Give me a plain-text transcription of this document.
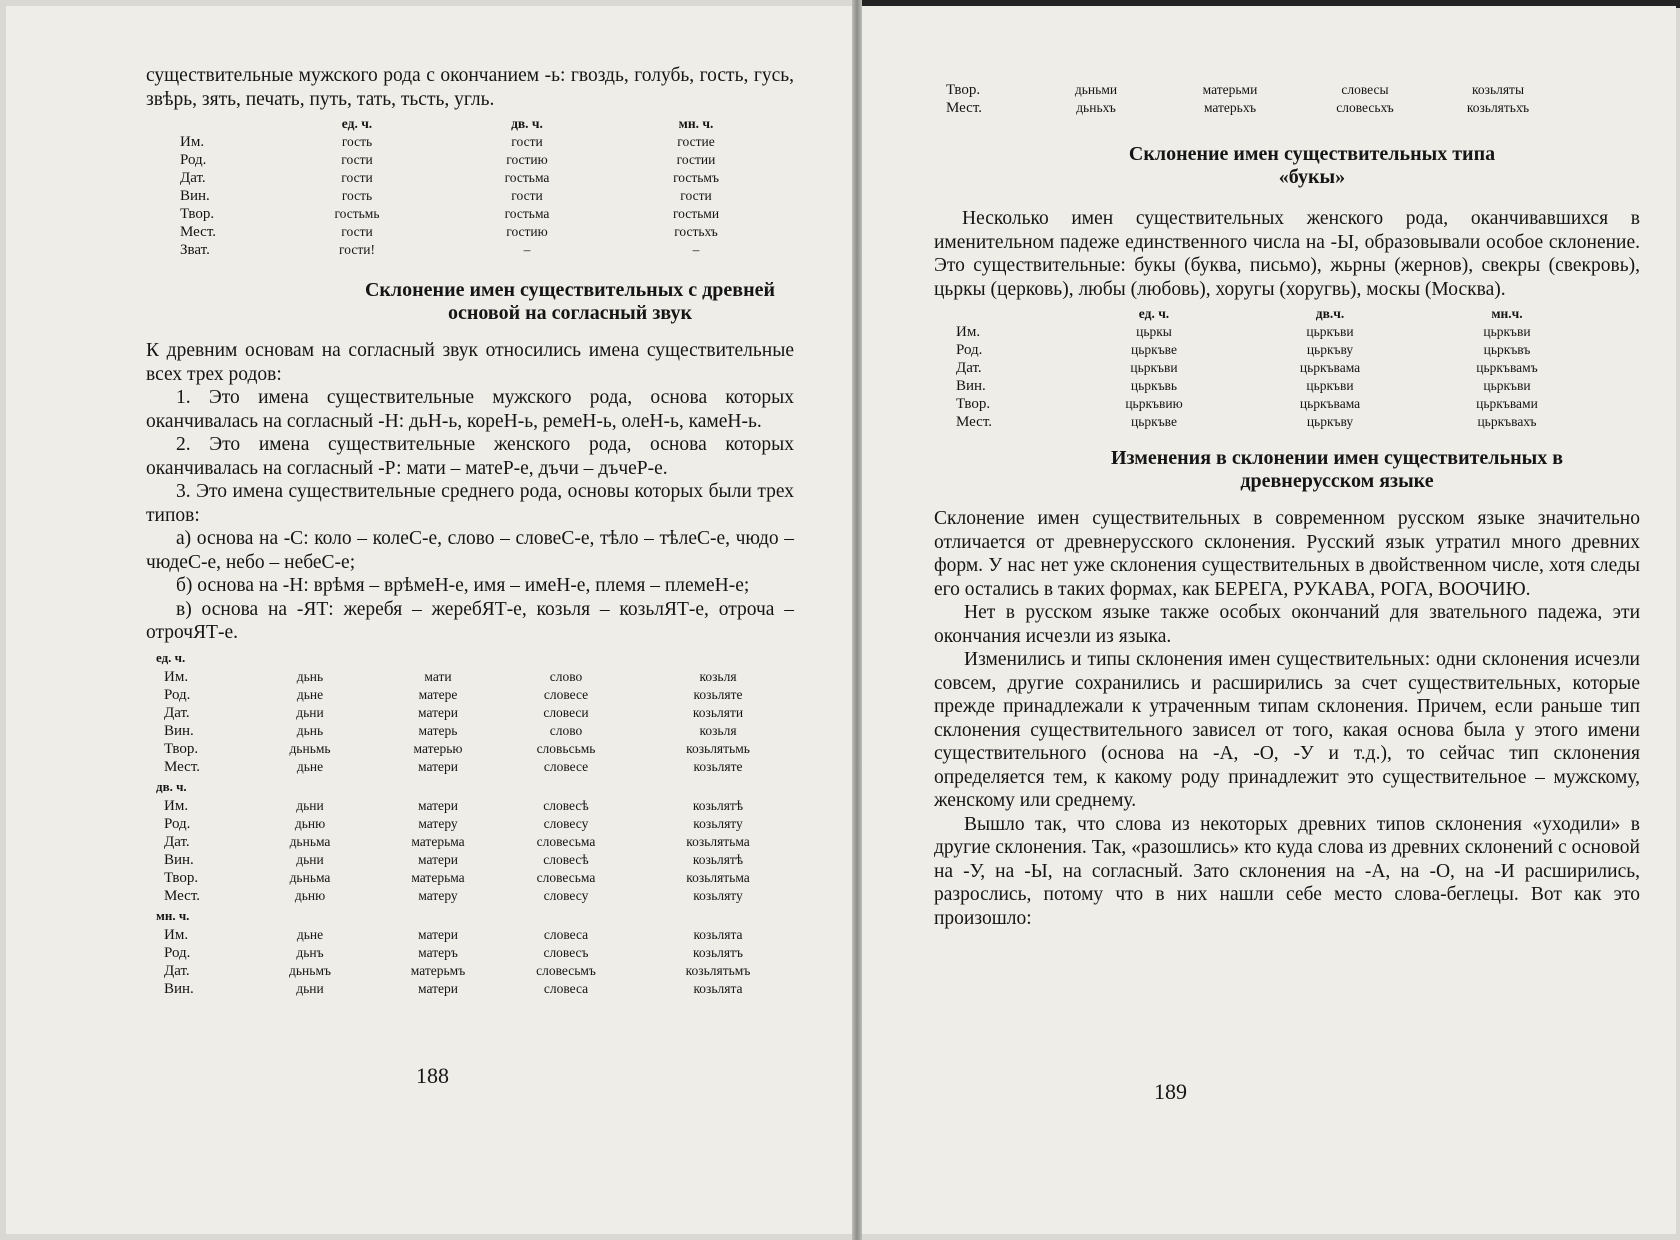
существительные мужского рода с окончанием -ь: гвоздь, голубь, гость, гусь, звѣрь, зять, печать, путь, тать, тьсть, угль.

	ед. ч.	дв. ч.	мн. ч.
Им.	гость	гости	гостие
Род.	гости	гостию	гостии
Дат.	гости	гостьма	гостьмъ
Вин.	гость	гости	гости
Твор.	гостьмь	гостьма	гостьми
Мест.	гости	гостию	гостьхъ
Зват.	гости!	–	–

Склонение имен существительных с древней основой на согласный звук

К древним основам на согласный звук относились имена существительные всех трех родов:

1. Это имена существительные мужского рода, основа которых оканчивалась на согласный -Н: дьН-ь, кореН-ь, ремеН-ь, олеН-ь, камеН-ь.

2. Это имена существительные женского рода, основа которых оканчивалась на согласный -Р: мати – матеР-е, дъчи – дъчеР-е.

3. Это имена существительные среднего рода, основы которых были трех типов:

а) основа на -С: коло – колеС-е, слово – словеС-е, тѣло – тѣлеС-е, чюдо – чюдеС-е, небо – небеС-е;

б) основа на -Н: врѣмя – врѣмеН-е, имя – имеН-е, племя – племеН-е;

в) основа на -ЯТ: жеребя – жеребЯТ-е, козьля – козьлЯТ-е, отроча – отрочЯТ-е.

ед. ч.
Им.	дьнь	мати	слово	козьля
Род.	дьне	матере	словесе	козьляте
Дат.	дьни	матери	словеси	козьляти
Вин.	дьнь	матерь	слово	козьля
Твор.	дьньмь	матерью	словьсьмь	козьлятьмь
Мест.	дьне	матери	словесе	козьляте
дв. ч.
Им.	дьни	матери	словесѣ	козьлятѣ
Род.	дьню	матеру	словесу	козьляту
Дат.	дьньма	матерьма	словесьма	козьлятьма
Вин.	дьни	матери	словесѣ	козьлятѣ
Твор.	дьньма	матерьма	словесьма	козьлятьма
Мест.	дьню	матеру	словесу	козьляту
мн. ч.
Им.	дьне	матери	словеса	козьлята
Род.	дьнъ	матеръ	словесъ	козьлятъ
Дат.	дьньмъ	матерьмъ	словесьмъ	козьлятьмъ
Вин.	дьни	матери	словеса	козьлята
188
Твор.	дьньми	матерьми	словесы	козьляты
Мест.	дьньхъ	матерьхъ	словесьхъ	козьлятьхъ

Склонение имен существительных типа «букы»

Несколько имен существительных женского рода, оканчивавшихся в именительном падеже единственного числа на -Ы, образовывали особое склонение. Это существительные: букы (буква, письмо), жьрны (жернов), свекры (свекровь), цьркы (церковь), любы (любовь), хоругы (хоругвь), москы (Москва).

	ед. ч.	дв.ч.	мн.ч.
Им.	цьркы	цьркъви	цьркъви
Род.	цьркъве	цьркъву	цьркъвъ
Дат.	цьркъви	цьркъвама	цьркъвамъ
Вин.	цьркъвь	цьркъви	цьркъви
Твор.	цьркъвию	цьркъвама	цьркъвами
Мест.	цьркъве	цьркъву	цьркъвахъ

Изменения в склонении имен существительных в древнерусском языке

Склонение имен существительных в современном русском языке значительно отличается от древнерусского склонения. Русский язык утратил много древних форм. У нас нет уже склонения существительных в двойственном числе, хотя следы его остались в таких формах, как БЕРЕГА, РУКАВА, РОГА, ВООЧИЮ.

Нет в русском языке также особых окончаний для звательного падежа, эти окончания исчезли из языка.

Изменились и типы склонения имен существительных: одни склонения исчезли совсем, другие сохранились и расширились за счет существительных, которые прежде принадлежали к утраченным типам склонения. Причем, если раньше тип склонения существительного зависел от того, какая основа была у этого имени существительного (основа на -А, -О, -У и т.д.), то сейчас тип склонения определяется тем, к какому роду принадлежит это существительное – мужскому, женскому или среднему.

Вышло так, что слова из некоторых древних типов склонения «уходили» в другие склонения. Так, «разошлись» кто куда слова из древних склонений с основой на -У, на -Ы, на согласный. Зато склонения на -А, на -О, на -И расширились, разрослись, потому что в них нашли себе место слова-беглецы. Вот как это произошло:

189
